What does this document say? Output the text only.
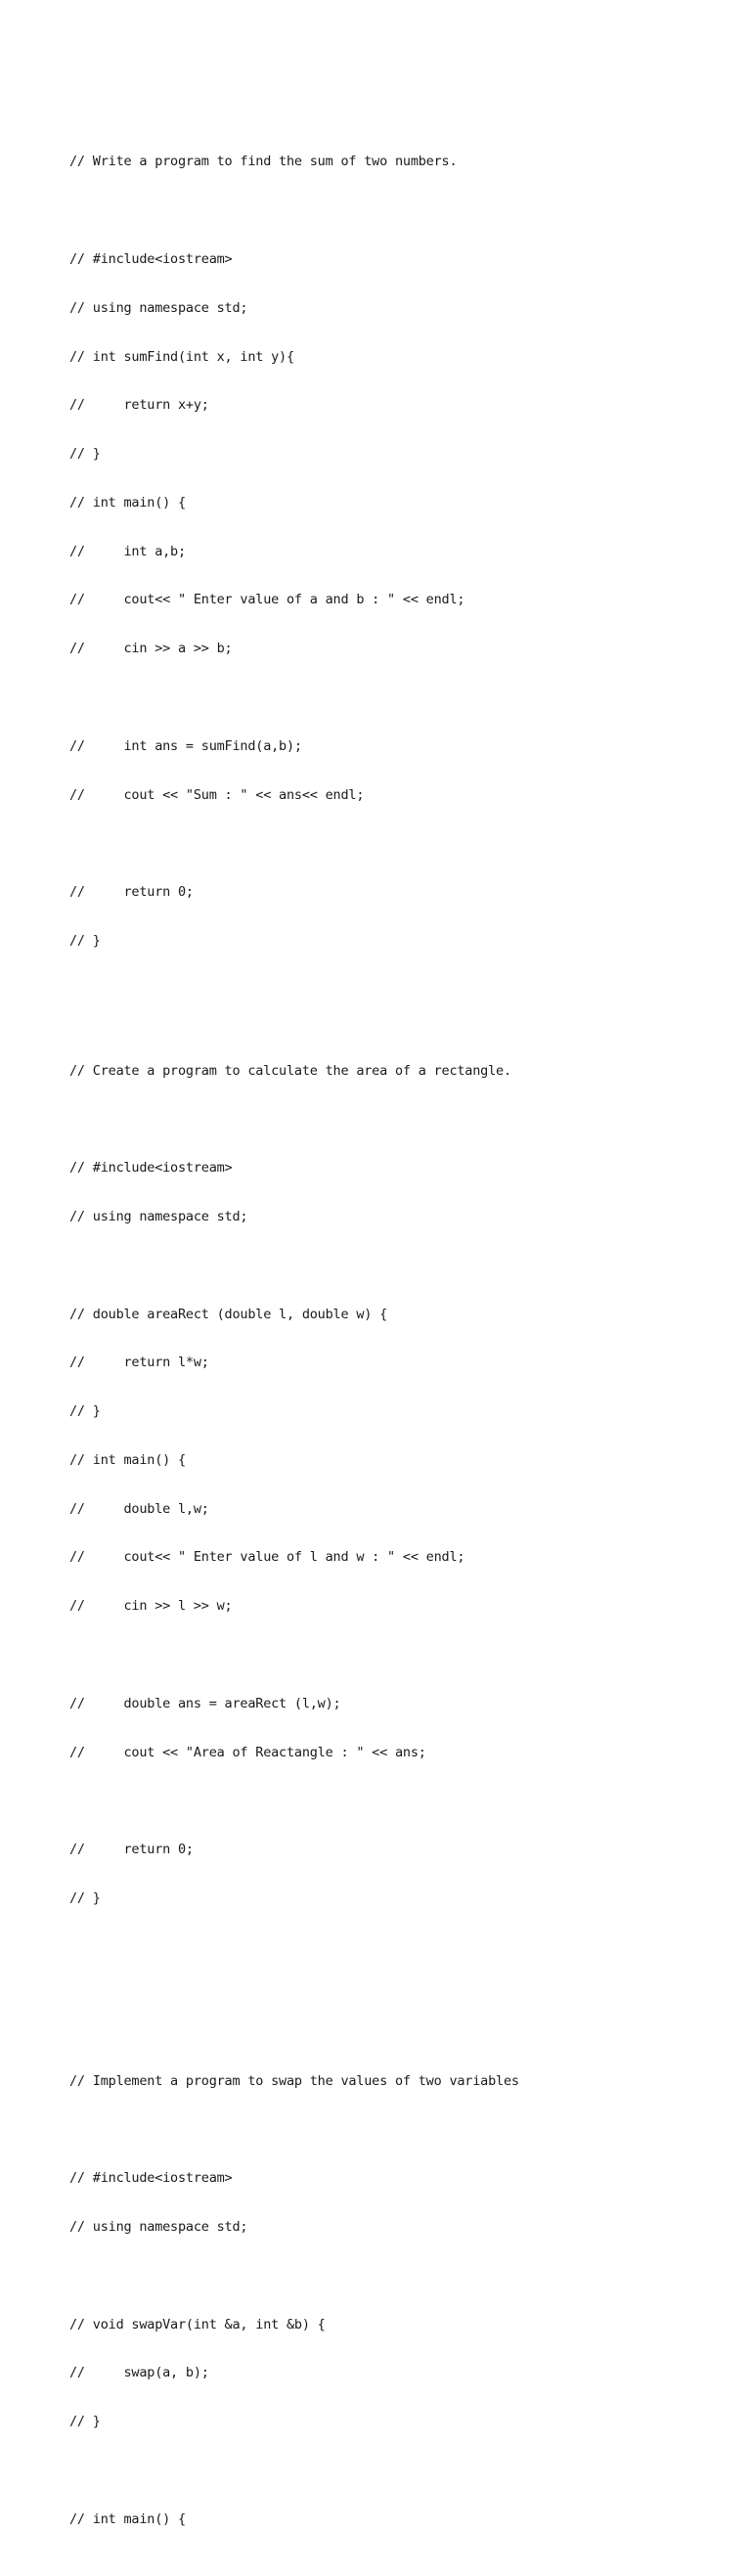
// Write a program to find the sum of two numbers.

// #include<iostream>

// using namespace std;

// int sumFind(int x, int y){

//     return x+y;

// }

// int main() {

//     int a,b;

//     cout<< " Enter value of a and b : " << endl;

//     cin >> a >> b;

//     int ans = sumFind(a,b);

//     cout << "Sum : " << ans<< endl;

//     return 0;

// }

// Create a program to calculate the area of a rectangle.

// #include<iostream>

// using namespace std;

// double areaRect (double l, double w) {

//     return l*w;

// }

// int main() {

//     double l,w;

//     cout<< " Enter value of l and w : " << endl;

//     cin >> l >> w;

//     double ans = areaRect (l,w);

//     cout << "Area of Reactangle : " << ans;

//     return 0;

// }

// Implement a program to swap the values of two variables

// #include<iostream>

// using namespace std;

// void swapVar(int &a, int &b) {

//     swap(a, b);

// }

// int main() {
